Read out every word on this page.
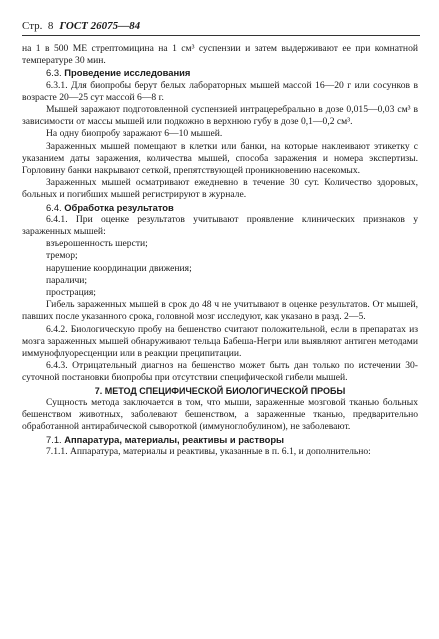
Стр.  8 ГОСТ 26075—84

на 1 в 500 МЕ стрептомицина на 1 см³ суспензии и затем выдерживают ее при комнатной температуре 30 мин.

6.3. Проведение исследования

6.3.1. Для биопробы берут белых лабораторных мышей массой 16—20 г или сосунков в возрасте 20—25 сут массой 6—8 г.

Мышей заражают подготовленной суспензией интрацеребрально в дозе 0,015—0,03 см³ в зависимости от массы мышей или подкожно в верхнюю губу в дозе 0,1—0,2 см³.

На одну биопробу заражают 6—10 мышей.

Зараженных мышей помещают в клетки или банки, на которые наклеивают этикетку с указанием даты заражения, количества мышей, способа заражения и номера экспертизы. Горловину банки накрывают сеткой, препятствующей проникновению насекомых.

Зараженных мышей осматривают ежедневно в течение 30 сут. Количество здоровых, больных и погибших мышей регистрируют в журнале.

6.4. Обработка результатов

6.4.1. При оценке результатов учитывают проявление клинических признаков у зараженных мышей:

взъерошенность шерсти;

тремор;

нарушение координации движения;

параличи;

прострация;

Гибель зараженных мышей в срок до 48 ч не учитывают в оценке результатов. От мышей, павших после указанного срока, головной мозг исследуют, как указано в разд. 2—5.

6.4.2. Биологическую пробу на бешенство считают положительной, если в препаратах из мозга зараженных мышей обнаруживают тельца Бабеша-Негри или выявляют антиген методами иммунофлуоресценции или в реакции преципитации.

6.4.3. Отрицательный диагноз на бешенство может быть дан только по истечении 30-суточной постановки биопробы при отсутствии специфической гибели мышей.

7. МЕТОД СПЕЦИФИЧЕСКОЙ БИОЛОГИЧЕСКОЙ ПРОБЫ

Сущность метода заключается в том, что мыши, зараженные мозговой тканью больных бешенством животных, заболевают бешенством, а зараженные тканью, предварительно обработанной антирабической сывороткой (иммуноглобулином), не заболевают.

7.1. Аппаратура, материалы, реактивы и растворы

7.1.1. Аппаратура, материалы и реактивы, указанные в п. 6.1, и дополнительно:
